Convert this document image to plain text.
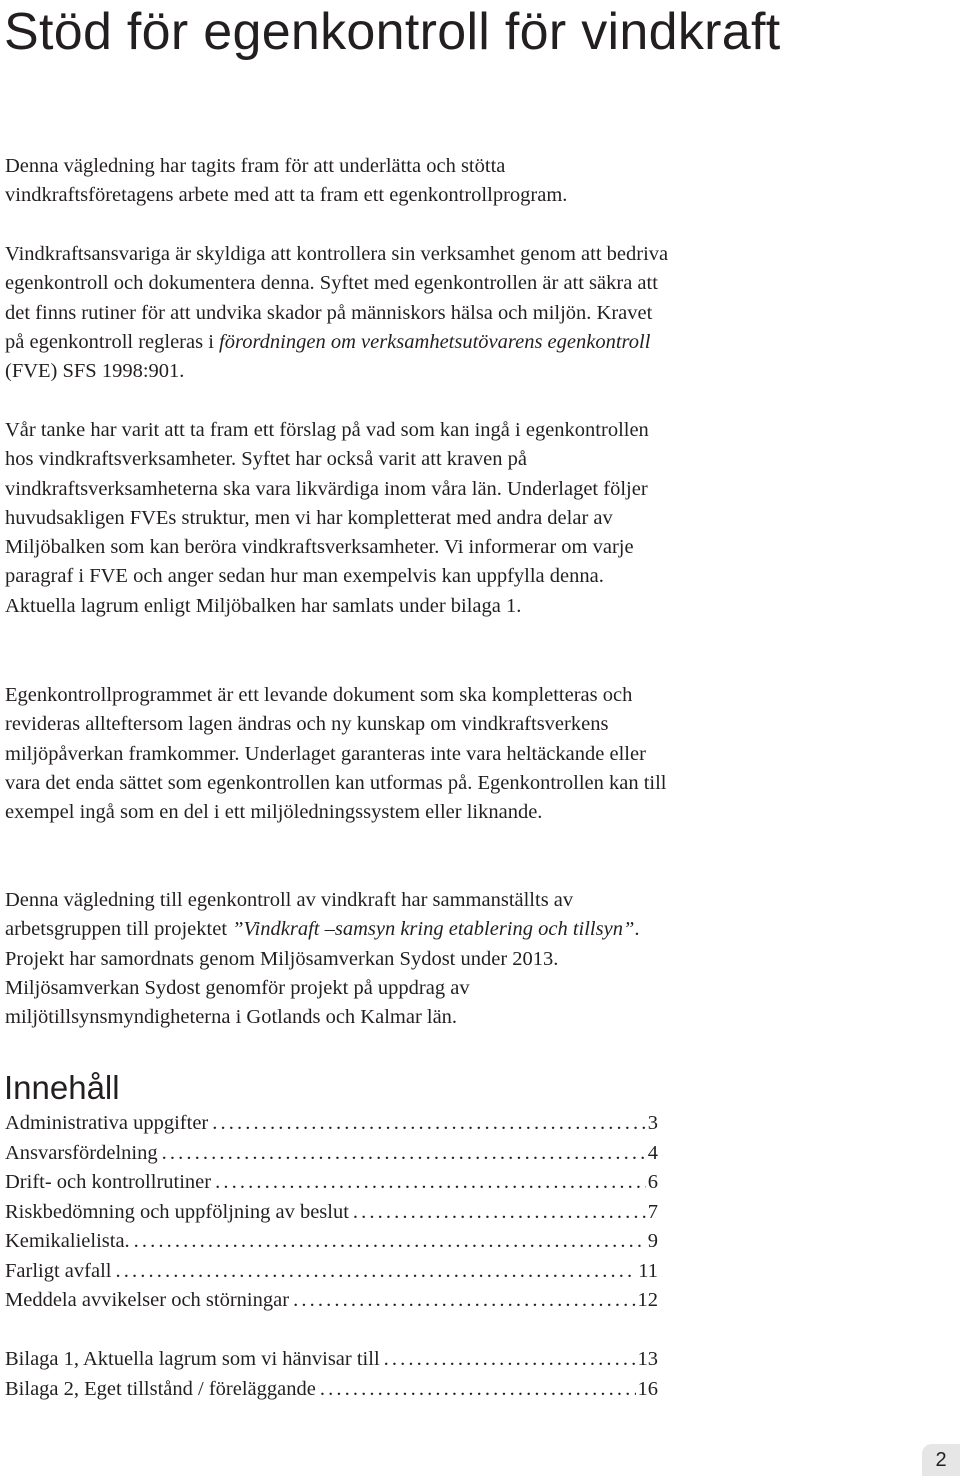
Stöd för egenkontroll för vindkraft

Denna vägledning har tagits fram för att underlätta och stötta vindkraftsföretagens arbete med att ta fram ett egenkontrollprogram.

Vindkraftsansvariga är skyldiga att kontrollera sin verksamhet genom att bedriva egenkontroll och dokumentera denna. Syftet med egenkontrollen är att säkra att det finns rutiner för att undvika skador på människors hälsa och miljön. Kravet på egenkontroll regleras i förordningen om verksamhetsutövarens egenkontroll (FVE) SFS 1998:901.

Vår tanke har varit att ta fram ett förslag på vad som kan ingå i egenkontrollen hos vindkraftsverksamheter. Syftet har också varit att kraven på vindkraftsverksamheterna ska vara likvärdiga inom våra län. Underlaget följer huvudsakligen FVEs struktur, men vi har kompletterat med andra delar av Miljöbalken som kan beröra vindkraftsverksamheter. Vi informerar om varje paragraf i FVE och anger sedan hur man exempelvis kan uppfylla denna. Aktuella lagrum enligt Miljöbalken har samlats under bilaga 1.

Egenkontrollprogrammet är ett levande dokument som ska kompletteras och revideras allteftersom lagen ändras och ny kunskap om vindkraftsverkens miljöpåverkan framkommer. Underlaget garanteras inte vara heltäckande eller vara det enda sättet som egenkontrollen kan utformas på. Egenkontrollen kan till exempel ingå som en del i ett miljöledningssystem eller liknande.

Denna vägledning till egenkontroll av vindkraft har sammanställts av arbetsgruppen till projektet ”Vindkraft –samsyn kring etablering och tillsyn”. Projekt har samordnats genom Miljösamverkan Sydost under 2013. Miljösamverkan Sydost genomför projekt på uppdrag av miljötillsynsmyndigheterna i Gotlands och Kalmar län.

Innehåll
Administrativa uppgifter . . .	3
Ansvarsfördelning . . .	4
Drift- och kontrollrutiner . . .	6
Riskbedömning och uppföljning av beslut . . .	7
Kemikalielista. . . .	9
Farligt avfall . . .	11
Meddela avvikelser och störningar . . .	12
Bilaga 1, Aktuella lagrum som vi hänvisar till . . .	13
Bilaga 2, Eget tillstånd / föreläggande . . .	16
2
